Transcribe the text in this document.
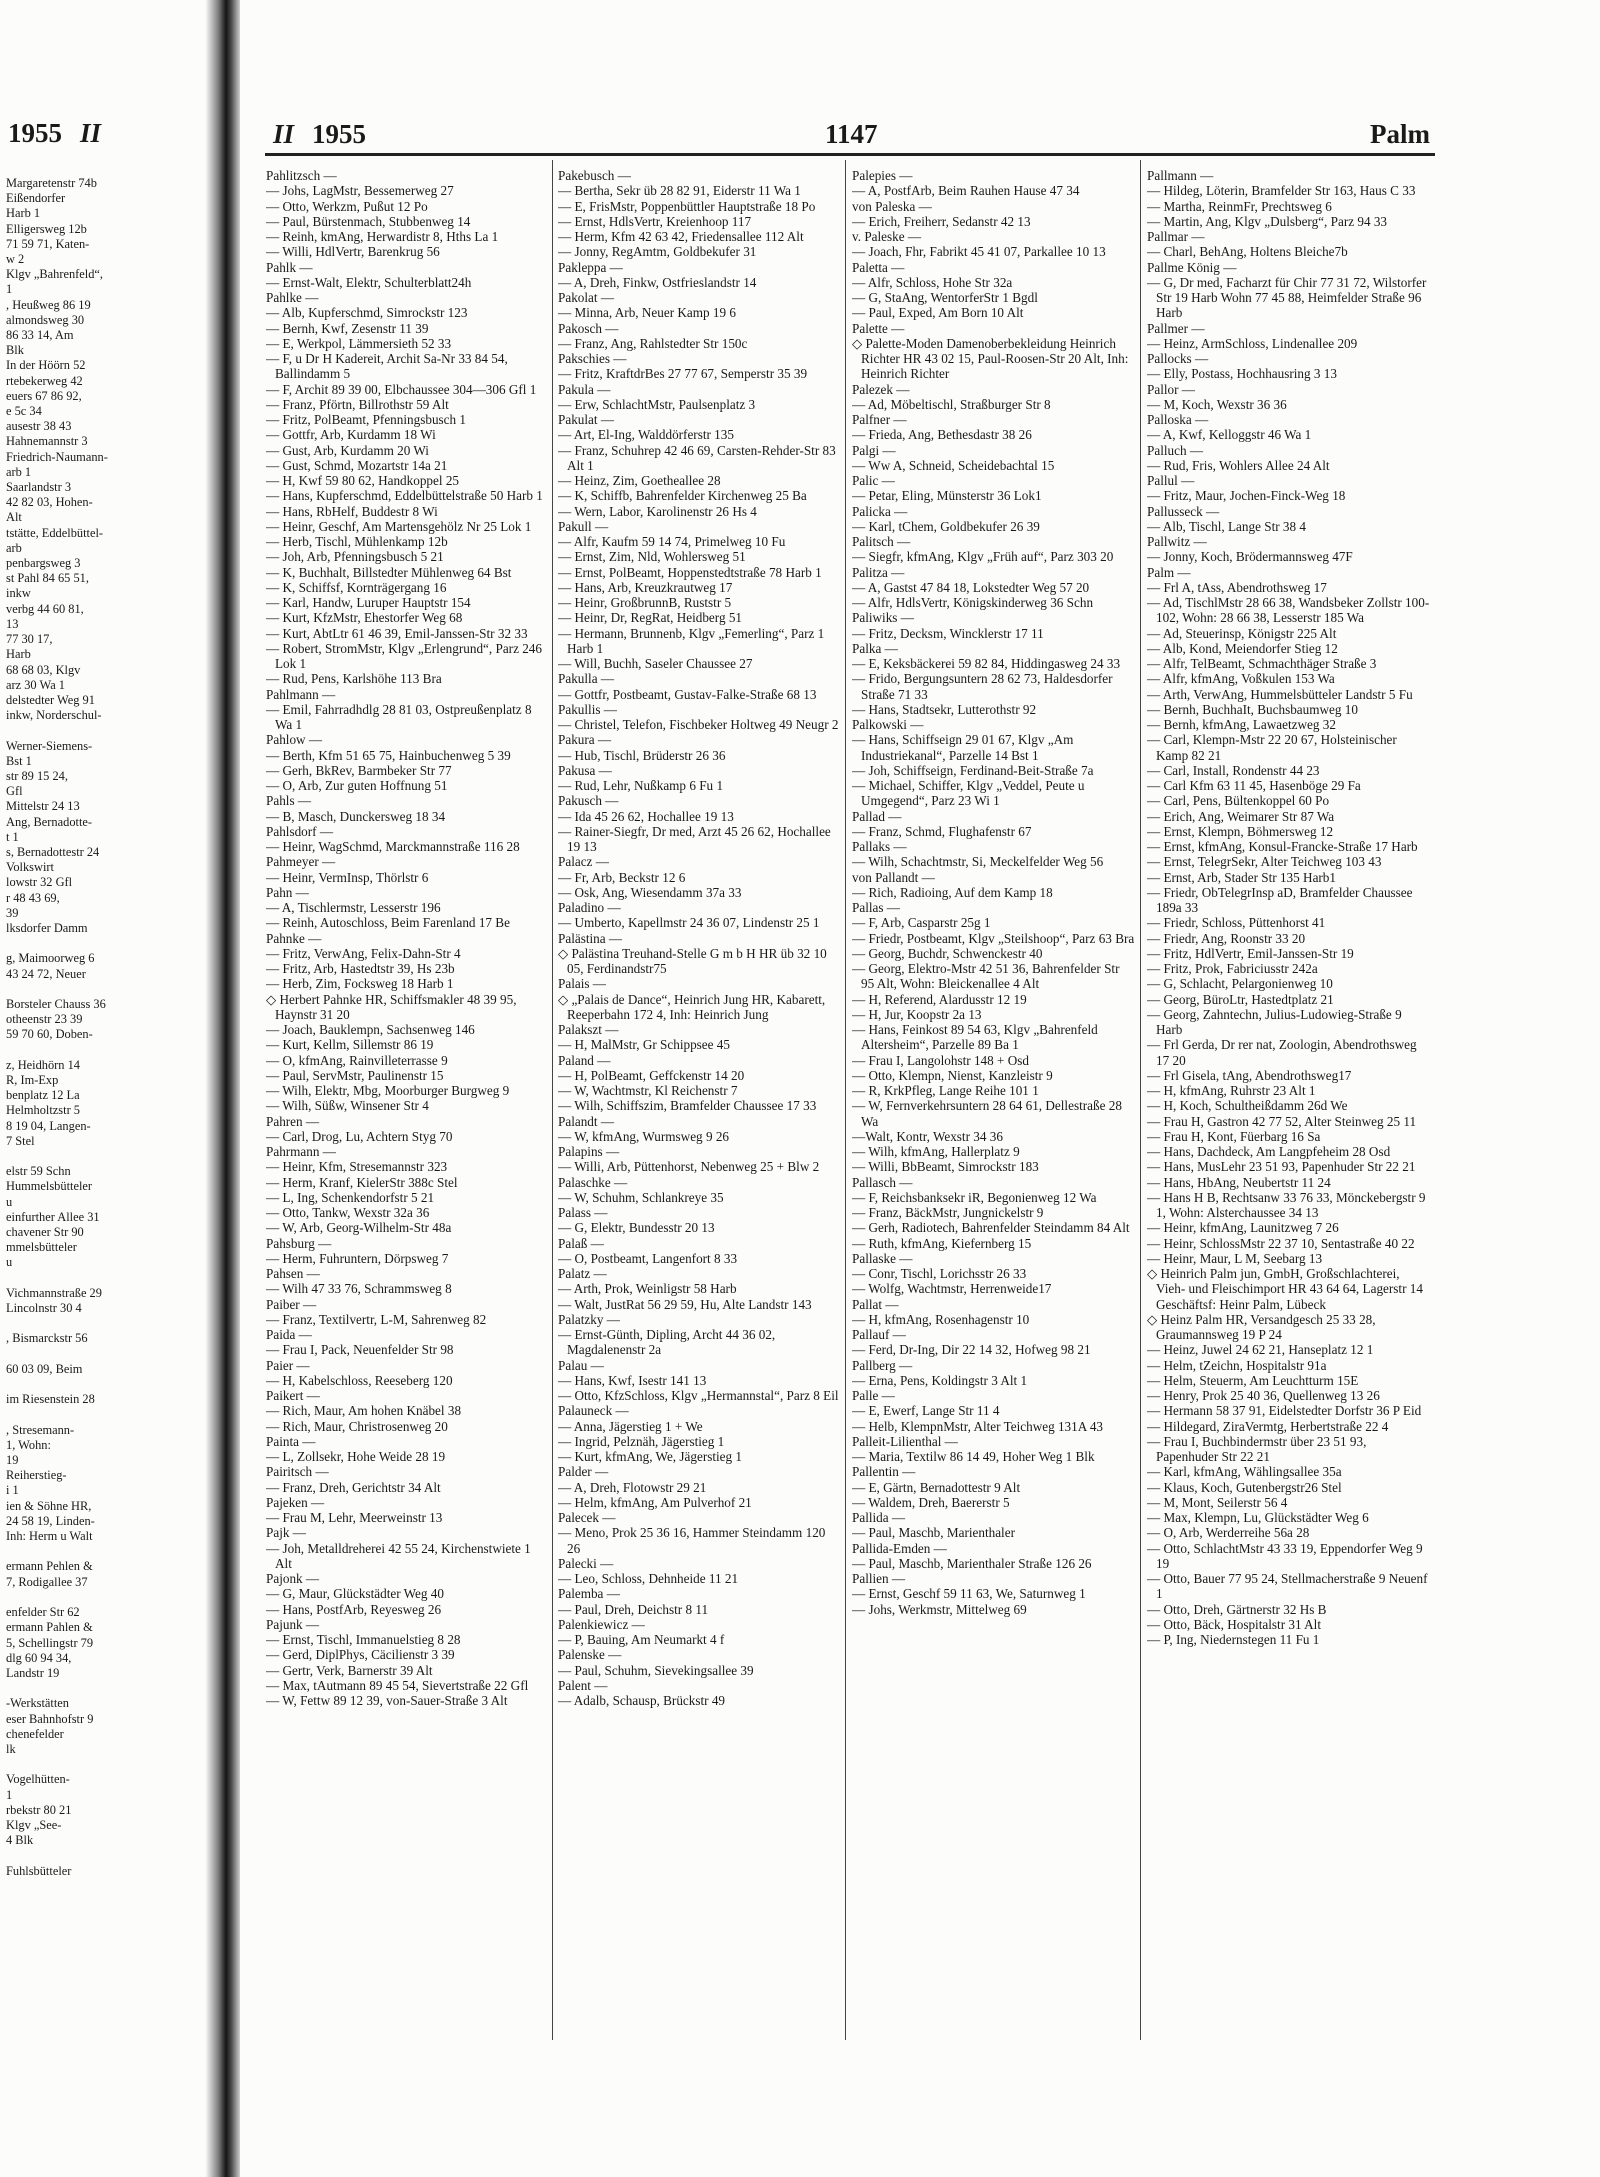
1955 II
Margaretenstr 74b
Eißendorfer
Harb 1
Elligersweg 12b
71 59 71, Katen-
w 2
Klgv „Bahrenfeld“,
1
, Heußweg 86 19
almondsweg 30
86 33 14, Am
Blk
In der Höörn 52
rtebekerweg 42
euers 67 86 92,
e 5c 34
ausestr 38 43
Hahnemannstr 3
Friedrich-Naumann-
arb 1
Saarlandstr 3
42 82 03, Hohen-
Alt
tstätte, Eddelbüttel-
arb
penbargsweg 3
st Pahl 84 65 51,
inkw
verbg 44 60 81,
13
77 30 17,
Harb
68 68 03, Klgv
arz 30 Wa 1
delstedter Weg 91
inkw, Norderschul-

Werner-Siemens-
Bst 1
str 89 15 24,
Gfl
Mittelstr 24 13
Ang, Bernadotte-
t 1
s, Bernadottestr 24
Volkswirt
lowstr 32 Gfl
r 48 43 69,
39
lksdorfer Damm

g, Maimoorweg 6
43 24 72, Neuer

Borsteler Chauss 36
otheenstr 23 39
59 70 60, Doben-

z, Heidhörn 14
R, Im-Exp
benplatz 12 La
Helmholtzstr 5
8 19 04, Langen-
7 Stel

elstr 59 Schn
Hummelsbütteler
u
einfurther Allee 31
chavener Str 90
mmelsbütteler
u

Vichmannstraße 29
Lincolnstr 30 4

, Bismarckstr 56

60 03 09, Beim

im Riesenstein 28

, Stresemann-
1, Wohn:
19
Reiherstieg-
i 1
ien & Söhne HR,
24 58 19, Linden-
Inh: Herm u Walt

ermann Pehlen &
7, Rodigallee 37

enfelder Str 62
ermann Pahlen &
5, Schellingstr 79
dlg 60 94 34,
Landstr 19

-Werkstätten
eser Bahnhofstr 9
chenefelder
lk

Vogelhütten-
1
rbekstr 80 21
Klgv „See-
4 Blk

Fuhlsbütteler
II 1955	1147	Palm
Pahlitzsch —
— Johs, LagMstr, Bessemerweg 27
— Otto, Werkzm, Pußut 12 Po
— Paul, Bürstenmach, Stubbenweg 14
— Reinh, kmAng, Herwardistr 8, Hths La 1
— Willi, HdlVertr, Barenkrug 56
Pahlk —
— Ernst-Walt, Elektr, Schulterblatt24h
Pahlke —
— Alb, Kupferschmd, Simrockstr 123
— Bernh, Kwf, Zesenstr 11 39
— E, Werkpol, Lämmersieth 52 33
— F, u Dr H Kadereit, Archit Sa-Nr 33 84 54, Ballindamm 5
— F, Archit 89 39 00, Elbchaussee 304—306 Gfl 1
— Franz, Pförtn, Billrothstr 59 Alt
— Fritz, PolBeamt, Pfenningsbusch 1
— Gottfr, Arb, Kurdamm 18 Wi
— Gust, Arb, Kurdamm 20 Wi
— Gust, Schmd, Mozartstr 14a 21
— H, Kwf 59 80 62, Handkoppel 25
— Hans, Kupferschmd, Eddelbüttelstraße 50 Harb 1
— Hans, RbHelf, Buddestr 8 Wi
— Heinr, Geschf, Am Martensgehölz Nr 25 Lok 1
— Herb, Tischl, Mühlenkamp 12b
— Joh, Arb, Pfenningsbusch 5 21
— K, Buchhalt, Billstedter Mühlenweg 64 Bst
— K, Schiffsf, Kornträgergang 16
— Karl, Handw, Luruper Hauptstr 154
— Kurt, KfzMstr, Ehestorfer Weg 68
— Kurt, AbtLtr 61 46 39, Emil-Janssen-Str 32 33
— Robert, StromMstr, Klgv „Erlengrund“, Parz 246 Lok 1
— Rud, Pens, Karlshöhe 113 Bra
Pahlmann —
— Emil, Fahrradhdlg 28 81 03, Ostpreußenplatz 8 Wa 1
Pahlow —
— Berth, Kfm 51 65 75, Hainbuchenweg 5 39
— Gerh, BkRev, Barmbeker Str 77
— O, Arb, Zur guten Hoffnung 51
Pahls —
— B, Masch, Dunckersweg 18 34
Pahlsdorf —
— Heinr, WagSchmd, Marckmannstraße 116 28
Pahmeyer —
— Heinr, VermInsp, Thörlstr 6
Pahn —
— A, Tischlermstr, Lesserstr 196
— Reinh, Autoschloss, Beim Farenland 17 Be
Pahnke —
— Fritz, VerwAng, Felix-Dahn-Str 4
— Fritz, Arb, Hastedtstr 39, Hs 23b
— Herb, Zim, Focksweg 18 Harb 1
◇ Herbert Pahnke HR, Schiffsmakler 48 39 95, Haynstr 31 20
— Joach, Bauklempn, Sachsenweg 146
— Kurt, Kellm, Sillemstr 86 19
— O, kfmAng, Rainvilleterrasse 9
— Paul, ServMstr, Paulinenstr 15
— Wilh, Elektr, Mbg, Moorburger Burgweg 9
— Wilh, Süßw, Winsener Str 4
Pahren —
— Carl, Drog, Lu, Achtern Styg 70
Pahrmann —
— Heinr, Kfm, Stresemannstr 323
— Herm, Kranf, KielerStr 388c Stel
— L, Ing, Schenkendorfstr 5 21
— Otto, Tankw, Wexstr 32a 36
— W, Arb, Georg-Wilhelm-Str 48a
Pahsburg —
— Herm, Fuhruntern, Dörpsweg 7
Pahsen —
— Wilh 47 33 76, Schrammsweg 8
Paiber —
— Franz, Textilvertr, L-M, Sahrenweg 82
Paida —
— Frau I, Pack, Neuenfelder Str 98
Paier —
— H, Kabelschloss, Reeseberg 120
Paikert —
— Rich, Maur, Am hohen Knäbel 38
— Rich, Maur, Christrosenweg 20
Painta —
— L, Zollsekr, Hohe Weide 28 19
Pairitsch —
— Franz, Dreh, Gerichtstr 34 Alt
Pajeken —
— Frau M, Lehr, Meerweinstr 13
Pajk —
— Joh, Metalldreherei 42 55 24, Kirchenstwiete 1 Alt
Pajonk —
— G, Maur, Glückstädter Weg 40
— Hans, PostfArb, Reyesweg 26
Pajunk —
— Ernst, Tischl, Immanuelstieg 8 28
— Gerd, DiplPhys, Cäcilienstr 3 39
— Gertr, Verk, Barnerstr 39 Alt
— Max, tAutmann 89 45 54, Sievertstraße 22 Gfl
— W, Fettw 89 12 39, von-Sauer-Straße 3 Alt
Pakebusch —
— Bertha, Sekr üb 28 82 91, Eiderstr 11 Wa 1
— E, FrisMstr, Poppenbüttler Hauptstraße 18 Po
— Ernst, HdlsVertr, Kreienhoop 117
— Herm, Kfm 42 63 42, Friedensallee 112 Alt
— Jonny, RegAmtm, Goldbekufer 31
Pakleppa —
— A, Dreh, Finkw, Ostfrieslandstr 14
Pakolat —
— Minna, Arb, Neuer Kamp 19 6
Pakosch —
— Franz, Ang, Rahlstedter Str 150c
Pakschies —
— Fritz, KraftdrBes 27 77 67, Semperstr 35 39
Pakula —
— Erw, SchlachtMstr, Paulsenplatz 3
Pakulat —
— Art, El-Ing, Walddörferstr 135
— Franz, Schuhrep 42 46 69, Carsten-Rehder-Str 83 Alt 1
— Heinz, Zim, Goetheallee 28
— K, Schiffb, Bahrenfelder Kirchenweg 25 Ba
— Wern, Labor, Karolinenstr 26 Hs 4
Pakull —
— Alfr, Kaufm 59 14 74, Primelweg 10 Fu
— Ernst, Zim, Nld, Wohlersweg 51
— Ernst, PolBeamt, Hoppenstedtstraße 78 Harb 1
— Hans, Arb, Kreuzkrautweg 17
— Heinr, GroßbrunnB, Ruststr 5
— Heinr, Dr, RegRat, Heidberg 51
— Hermann, Brunnenb, Klgv „Femerling“, Parz 1 Harb 1
— Will, Buchh, Saseler Chaussee 27
Pakulla —
— Gottfr, Postbeamt, Gustav-Falke-Straße 68 13
Pakullis —
— Christel, Telefon, Fischbeker Holtweg 49 Neugr 2
Pakura —
— Hub, Tischl, Brüderstr 26 36
Pakusa —
— Rud, Lehr, Nußkamp 6 Fu 1
Pakusch —
— Ida 45 26 62, Hochallee 19 13
— Rainer-Siegfr, Dr med, Arzt 45 26 62, Hochallee 19 13
Palacz —
— Fr, Arb, Beckstr 12 6
— Osk, Ang, Wiesendamm 37a 33
Paladino —
— Umberto, Kapellmstr 24 36 07, Lindenstr 25 1
Palästina —
◇ Palästina Treuhand-Stelle G m b H HR üb 32 10 05, Ferdinandstr75
Palais —
◇ „Palais de Dance“, Heinrich Jung HR, Kabarett, Reeperbahn 172 4, Inh: Heinrich Jung
Palakszt —
— H, MalMstr, Gr Schippsee 45
Paland —
— H, PolBeamt, Geffckenstr 14 20
— W, Wachtmstr, Kl Reichenstr 7
— Wilh, Schiffszim, Bramfelder Chaussee 17 33
Palandt —
— W, kfmAng, Wurmsweg 9 26
Palapins —
— Willi, Arb, Püttenhorst, Nebenweg 25 + Blw 2
Palaschke —
— W, Schuhm, Schlankreye 35
Palass —
— G, Elektr, Bundesstr 20 13
Palaß —
— O, Postbeamt, Langenfort 8 33
Palatz —
— Arth, Prok, Weinligstr 58 Harb
— Walt, JustRat 56 29 59, Hu, Alte Landstr 143
Palatzky —
— Ernst-Günth, Dipling, Archt 44 36 02, Magdalenenstr 2a
Palau —
— Hans, Kwf, Isestr 141 13
— Otto, KfzSchloss, Klgv „Hermannstal“, Parz 8 Eil
Palauneck —
— Anna, Jägerstieg 1 + We
— Ingrid, Pelznäh, Jägerstieg 1
— Kurt, kfmAng, We, Jägerstieg 1
Palder —
— A, Dreh, Flotowstr 29 21
— Helm, kfmAng, Am Pulverhof 21
Palecek —
— Meno, Prok 25 36 16, Hammer Steindamm 120 26
Palecki —
— Leo, Schloss, Dehnheide 11 21
Palemba —
— Paul, Dreh, Deichstr 8 11
Palenkiewicz —
— P, Bauing, Am Neumarkt 4 f
Palenske —
— Paul, Schuhm, Sievekingsallee 39
Palent —
— Adalb, Schausp, Brückstr 49
Palepies —
— A, PostfArb, Beim Rauhen Hause 47 34
von Paleska —
— Erich, Freiherr, Sedanstr 42 13
v. Paleske —
— Joach, Fhr, Fabrikt 45 41 07, Parkallee 10 13
Paletta —
— Alfr, Schloss, Hohe Str 32a
— G, StaAng, WentorferStr 1 Bgdl
— Paul, Exped, Am Born 10 Alt
Palette —
◇ Palette-Moden Damenoberbekleidung Heinrich Richter HR 43 02 15, Paul-Roosen-Str 20 Alt, Inh: Heinrich Richter
Palezek —
— Ad, Möbeltischl, Straßburger Str 8
Palfner —
— Frieda, Ang, Bethesdastr 38 26
Palgi —
— Ww A, Schneid, Scheidebachtal 15
Palic —
— Petar, Eling, Münsterstr 36 Lok1
Palicka —
— Karl, tChem, Goldbekufer 26 39
Palitsch —
— Siegfr, kfmAng, Klgv „Früh auf“, Parz 303 20
Palitza —
— A, Gastst 47 84 18, Lokstedter Weg 57 20
— Alfr, HdlsVertr, Königskinderweg 36 Schn
Paliwiks —
— Fritz, Decksm, Wincklerstr 17 11
Palka —
— E, Keksbäckerei 59 82 84, Hiddingasweg 24 33
— Frido, Bergungsuntern 28 62 73, Haldesdorfer Straße 71 33
— Hans, Stadtsekr, Lutterothstr 92
Palkowski —
— Hans, Schiffseign 29 01 67, Klgv „Am Industriekanal“, Parzelle 14 Bst 1
— Joh, Schiffseign, Ferdinand-Beit-Straße 7a
— Michael, Schiffer, Klgv „Veddel, Peute u Umgegend“, Parz 23 Wi 1
Pallad —
— Franz, Schmd, Flughafenstr 67
Pallaks —
— Wilh, Schachtmstr, Si, Meckelfelder Weg 56
von Pallandt —
— Rich, Radioing, Auf dem Kamp 18
Pallas —
— F, Arb, Casparstr 25g 1
— Friedr, Postbeamt, Klgv „Steilshoop“, Parz 63 Bra
— Georg, Buchdr, Schwenckestr 40
— Georg, Elektro-Mstr 42 51 36, Bahrenfelder Str 95 Alt, Wohn: Bleickenallee 4 Alt
— H, Referend, Alardusstr 12 19
— H, Jur, Koopstr 2a 13
— Hans, Feinkost 89 54 63, Klgv „Bahrenfeld Altersheim“, Parzelle 89 Ba 1
— Frau I, Langolohstr 148 + Osd
— Otto, Klempn, Nienst, Kanzleistr 9
— R, KrkPfleg, Lange Reihe 101 1
— W, Fernverkehrsuntern 28 64 61, Dellestraße 28 Wa
—Walt, Kontr, Wexstr 34 36
— Wilh, kfmAng, Hallerplatz 9
— Willi, BbBeamt, Simrockstr 183
Pallasch —
— F, Reichsbanksekr iR, Begonienweg 12 Wa
— Franz, BäckMstr, Jungnickelstr 9
— Gerh, Radiotech, Bahrenfelder Steindamm 84 Alt
— Ruth, kfmAng, Kiefernberg 15
Pallaske —
— Conr, Tischl, Lorichsstr 26 33
— Wolfg, Wachtmstr, Herrenweide17
Pallat —
— H, kfmAng, Rosenhagenstr 10
Pallauf —
— Ferd, Dr-Ing, Dir 22 14 32, Hofweg 98 21
Pallberg —
— Erna, Pens, Koldingstr 3 Alt 1
Palle —
— E, Ewerf, Lange Str 11 4
— Helb, KlempnMstr, Alter Teichweg 131A 43
Palleit-Lilienthal —
— Maria, Textilw 86 14 49, Hoher Weg 1 Blk
Pallentin —
— E, Gärtn, Bernadottestr 9 Alt
— Waldem, Dreh, Baererstr 5
Pallida —
— Paul, Maschb, Marienthaler
Pallida-Emden —
— Paul, Maschb, Marienthaler Straße 126 26
Pallien —
— Ernst, Geschf 59 11 63, We, Saturnweg 1
— Johs, Werkmstr, Mittelweg 69
Pallmann —
— Hildeg, Löterin, Bramfelder Str 163, Haus C 33
— Martha, ReinmFr, Prechtsweg 6
— Martin, Ang, Klgv „Dulsberg“, Parz 94 33
Pallmar —
— Charl, BehAng, Holtens Bleiche7b
Pallme König —
— G, Dr med, Facharzt für Chir 77 31 72, Wilstorfer Str 19 Harb Wohn 77 45 88, Heimfelder Straße 96 Harb
Pallmer —
— Heinz, ArmSchloss, Lindenallee 209
Pallocks —
— Elly, Postass, Hochhausring 3 13
Pallor —
— M, Koch, Wexstr 36 36
Palloska —
— A, Kwf, Kelloggstr 46 Wa 1
Palluch —
— Rud, Fris, Wohlers Allee 24 Alt
Pallul —
— Fritz, Maur, Jochen-Finck-Weg 18
Pallusseck —
— Alb, Tischl, Lange Str 38 4
Pallwitz —
— Jonny, Koch, Brödermannsweg 47F
Palm —
— Frl A, tAss, Abendrothsweg 17
— Ad, TischlMstr 28 66 38, Wandsbeker Zollstr 100-102, Wohn: 28 66 38, Lesserstr 185 Wa
— Ad, Steuerinsp, Königstr 225 Alt
— Alb, Kond, Meiendorfer Stieg 12
— Alfr, TelBeamt, Schmachthäger Straße 3
— Alfr, kfmAng, Voßkulen 153 Wa
— Arth, VerwAng, Hummelsbütteler Landstr 5 Fu
— Bernh, BuchhaIt, Buchsbaumweg 10
— Bernh, kfmAng, Lawaetzweg 32
— Carl, Klempn-Mstr 22 20 67, Holsteinischer Kamp 82 21
— Carl, Install, Rondenstr 44 23
— Carl Kfm 63 11 45, Hasenböge 29 Fa
— Carl, Pens, Bültenkoppel 60 Po
— Erich, Ang, Weimarer Str 87 Wa
— Ernst, Klempn, Böhmersweg 12
— Ernst, kfmAng, Konsul-Francke-Straße 17 Harb
— Ernst, TelegrSekr, Alter Teichweg 103 43
— Ernst, Arb, Stader Str 135 Harb1
— Friedr, ObTelegrInsp aD, Bramfelder Chaussee 189a 33
— Friedr, Schloss, Püttenhorst 41
— Friedr, Ang, Roonstr 33 20
— Fritz, HdlVertr, Emil-Janssen-Str 19
— Fritz, Prok, Fabriciusstr 242a
— G, Schlacht, Pelargonienweg 10
— Georg, BüroLtr, Hastedtplatz 21
— Georg, Zahntechn, Julius-Ludowieg-Straße 9 Harb
— Frl Gerda, Dr rer nat, Zoologin, Abendrothsweg 17 20
— Frl Gisela, tAng, Abendrothsweg17
— H, kfmAng, Ruhrstr 23 Alt 1
— H, Koch, Schultheißdamm 26d We
— Frau H, Gastron 42 77 52, Alter Steinweg 25 11
— Frau H, Kont, Füerbarg 16 Sa
— Hans, Dachdeck, Am Langpfeheim 28 Osd
— Hans, MusLehr 23 51 93, Papenhuder Str 22 21
— Hans, HbAng, Neubertstr 11 24
— Hans H B, Rechtsanw 33 76 33, Mönckebergstr 9 1, Wohn: Alsterchaussee 34 13
— Heinr, kfmAng, Launitzweg 7 26
— Heinr, SchlossMstr 22 37 10, Sentastraße 40 22
— Heinr, Maur, L M, Seebarg 13
◇ Heinrich Palm jun, GmbH, Großschlachterei, Vieh- und Fleischimport HR 43 64 64, Lagerstr 14 Geschäftsf: Heinr Palm, Lübeck
◇ Heinz Palm HR, Versandgesch 25 33 28, Graumannsweg 19 P 24
— Heinz, Juwel 24 62 21, Hanseplatz 12 1
— Helm, tZeichn, Hospitalstr 91a
— Helm, Steuerm, Am Leuchtturm 15E
— Henry, Prok 25 40 36, Quellenweg 13 26
— Hermann 58 37 91, Eidelstedter Dorfstr 36 P Eid
— Hildegard, ZiraVermtg, Herbertstraße 22 4
— Frau I, Buchbindermstr über 23 51 93, Papenhuder Str 22 21
— Karl, kfmAng, Wählingsallee 35a
— Klaus, Koch, Gutenbergstr26 Stel
— M, Mont, Seilerstr 56 4
— Max, Klempn, Lu, Glückstädter Weg 6
— O, Arb, Werderreihe 56a 28
— Otto, SchlachtMstr 43 33 19, Eppendorfer Weg 9 19
— Otto, Bauer 77 95 24, Stellmacherstraße 9 Neuenf 1
— Otto, Dreh, Gärtnerstr 32 Hs B
— Otto, Bäck, Hospitalstr 31 Alt
— P, Ing, Niedernstegen 11 Fu 1
